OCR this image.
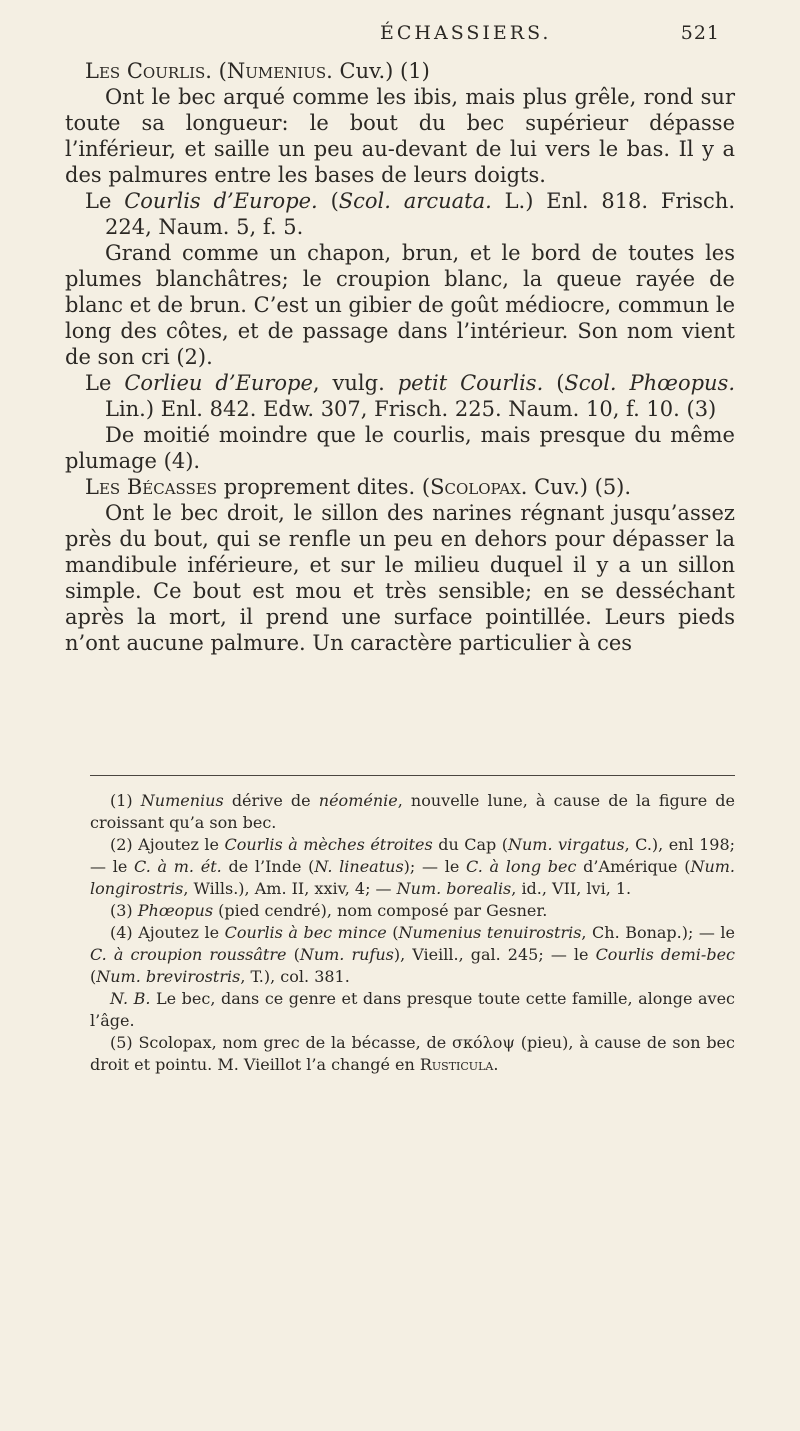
ÉCHASSIERS.	521

Les Courlis. (Numenius. Cuv.) (1)

Ont le bec arqué comme les ibis, mais plus grêle, rond sur toute sa longueur: le bout du bec supérieur dépasse l’inférieur, et saille un peu au-devant de lui vers le bas. Il y a des palmures entre les bases de leurs doigts.

Le Courlis d’Europe. (Scol. arcuata. L.) Enl. 818. Frisch. 224, Naum. 5, f. 5.

Grand comme un chapon, brun, et le bord de toutes les plumes blanchâtres; le croupion blanc, la queue rayée de blanc et de brun. C’est un gibier de goût médiocre, commun le long des côtes, et de passage dans l’intérieur. Son nom vient de son cri (2).

Le Corlieu d’Europe, vulg. petit Courlis. (Scol. Phœopus. Lin.) Enl. 842. Edw. 307, Frisch. 225. Naum. 10, f. 10. (3)

De moitié moindre que le courlis, mais presque du même plumage (4).

Les Bécasses proprement dites. (Scolopax. Cuv.) (5).

Ont le bec droit, le sillon des narines régnant jusqu’assez près du bout, qui se renfle un peu en dehors pour dépasser la mandibule inférieure, et sur le milieu duquel il y a un sillon simple. Ce bout est mou et très sensible; en se desséchant après la mort, il prend une surface pointillée. Leurs pieds n’ont aucune palmure. Un caractère particulier à ces

(1) Numenius dérive de néoménie, nouvelle lune, à cause de la figure de croissant qu’a son bec.

(2) Ajoutez le Courlis à mèches étroites du Cap (Num. virgatus, C.), enl 198; — le C. à m. ét. de l’Inde (N. lineatus); — le C. à long bec d’Amérique (Num. longirostris, Wills.), Am. II, xxiv, 4; — Num. borealis, id., VII, lvi, 1.

(3) Phœopus (pied cendré), nom composé par Gesner.

(4) Ajoutez le Courlis à bec mince (Numenius tenuirostris, Ch. Bonap.); — le C. à croupion roussâtre (Num. rufus), Vieill., gal. 245; — le Courlis demi-bec (Num. brevirostris, T.), col. 381.

N. B. Le bec, dans ce genre et dans presque toute cette famille, alonge avec l’âge.

(5) Scolopax, nom grec de la bécasse, de σκόλοψ (pieu), à cause de son bec droit et pointu. M. Vieillot l’a changé en Rusticula.
